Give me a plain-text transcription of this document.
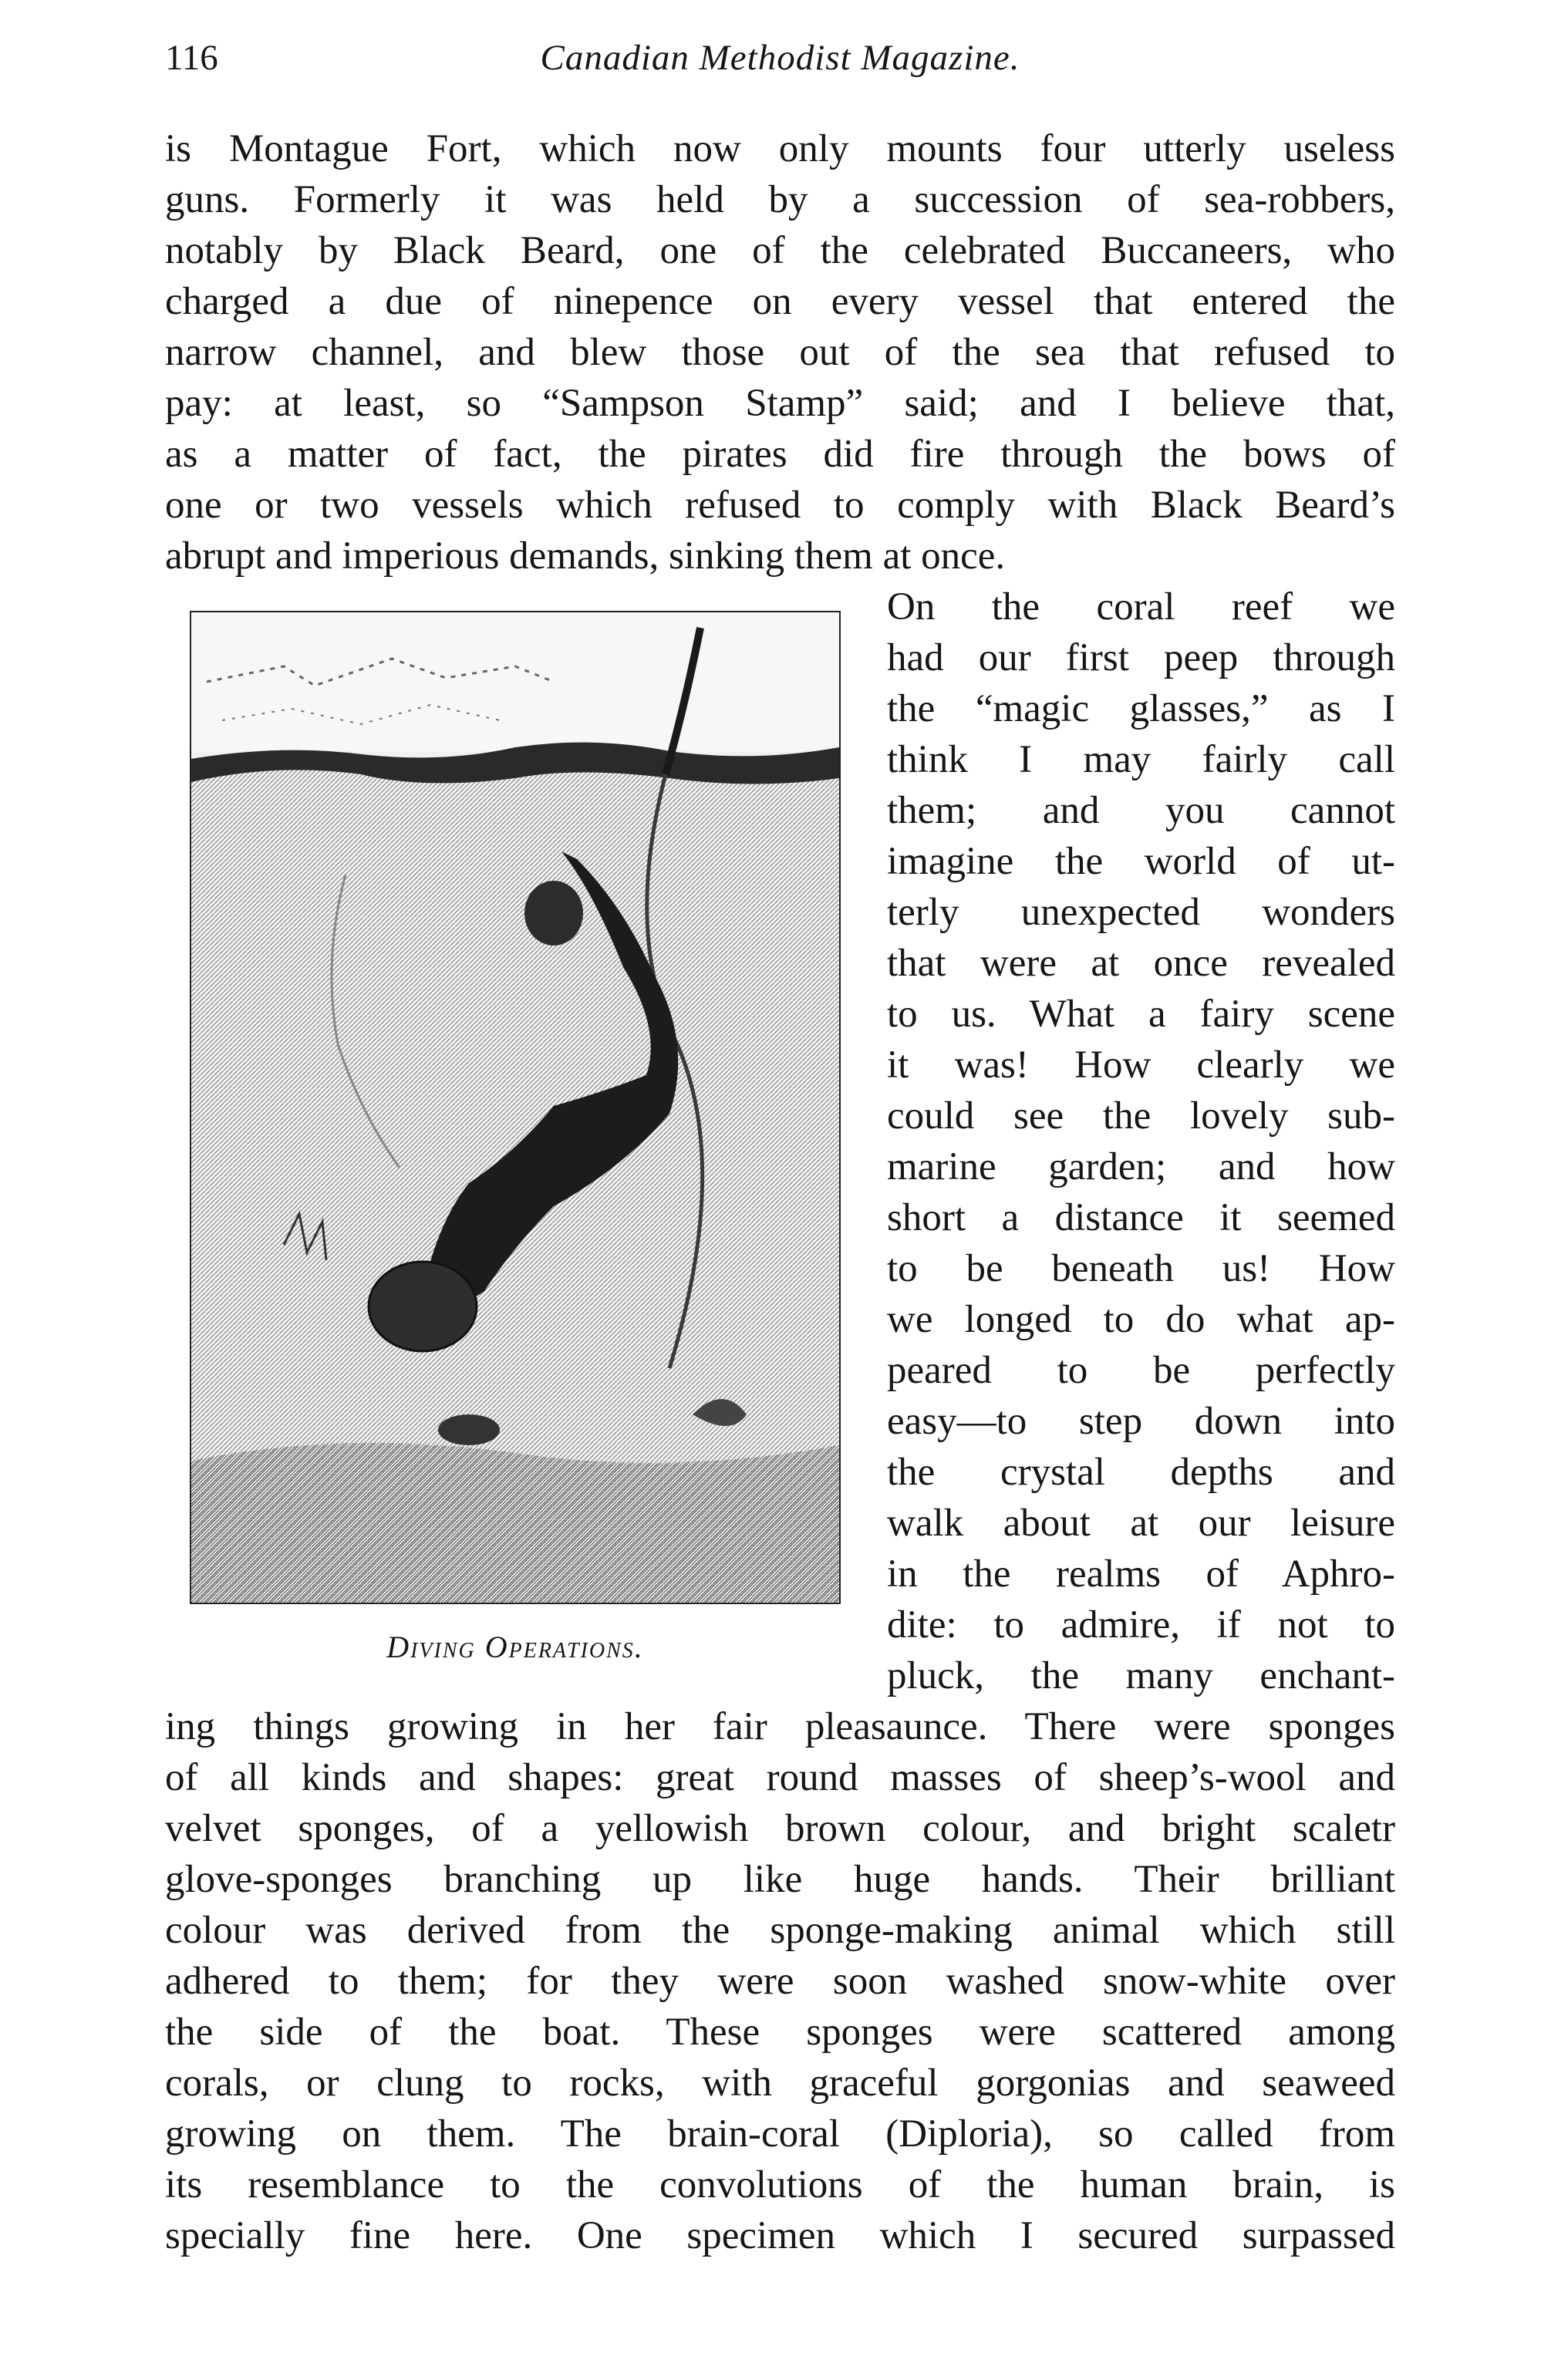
116	Canadian Methodist Magazine.
is Montague Fort, which now only mounts four utterly useless
guns. Formerly it was held by a succession of sea-robbers,
notably by Black Beard, one of the celebrated Buccaneers, who
charged a due of ninepence on every vessel that entered the
narrow channel, and blew those out of the sea that refused to
pay: at least, so “Sampson Stamp” said; and I believe that,
as a matter of fact, the pirates did fire through the bows of
one or two vessels which refused to comply with Black Beard’s
abrupt and imperious demands, sinking them at once.
On the coral reef we
had our first peep through
the “magic glasses,” as I
think I may fairly call
them; and you cannot
imagine the world of ut-
terly unexpected wonders
that were at once revealed
to us. What a fairy scene
it was! How clearly we
could see the lovely sub-
marine garden; and how
short a distance it seemed
to be beneath us! How
we longed to do what ap-
peared to be perfectly
easy—to step down into
the crystal depths and
walk about at our leisure
in the realms of Aphro-
dite: to admire, if not to
pluck, the many enchant-
ing things growing in her fair pleasaunce. There were sponges
of all kinds and shapes: great round masses of sheep’s-wool and
velvet sponges, of a yellowish brown colour, and bright scaletr
glove-sponges branching up like huge hands. Their brilliant
colour was derived from the sponge-making animal which still
adhered to them; for they were soon washed snow-white over
the side of the boat. These sponges were scattered among
corals, or clung to rocks, with graceful gorgonias and seaweed
growing on them. The brain-coral (Diploria), so called from
its resemblance to the convolutions of the human brain, is
specially fine here. One specimen which I secured surpassed
Diving Operations.
